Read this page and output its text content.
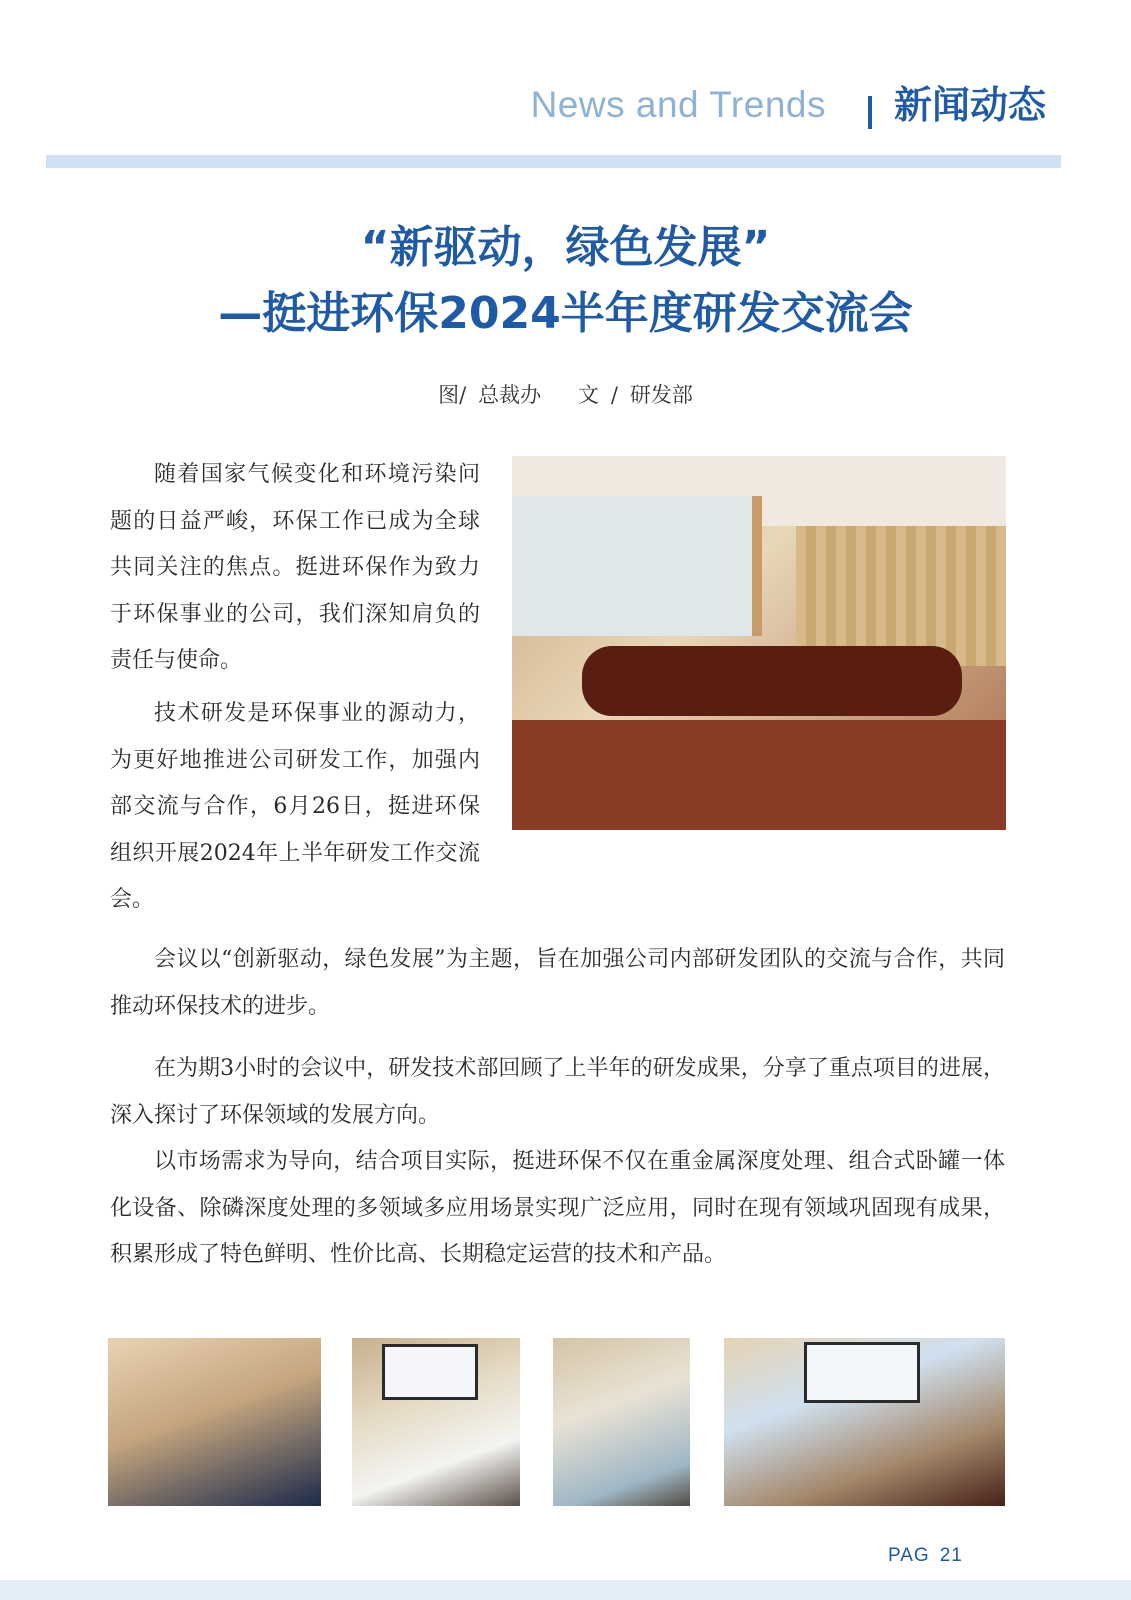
News and Trends 新闻动态
“新驱动，绿色发展”
—挺进环保2024半年度研发交流会
图/ 总裁办 文 / 研发部

随着国家气候变化和环境污染问题的日益严峻，环保工作已成为全球共同关注的焦点。挺进环保作为致力于环保事业的公司，我们深知肩负的责任与使命。

技术研发是环保事业的源动力，为更好地推进公司研发工作，加强内部交流与合作，6月26日，挺进环保组织开展2024年上半年研发工作交流会。

会议以“创新驱动，绿色发展”为主题，旨在加强公司内部研发团队的交流与合作，共同推动环保技术的进步。

在为期3小时的会议中，研发技术部回顾了上半年的研发成果，分享了重点项目的进展，深入探讨了环保领域的发展方向。

以市场需求为导向，结合项目实际，挺进环保不仅在重金属深度处理、组合式卧罐一体化设备、除磷深度处理的多领域多应用场景实现广泛应用，同时在现有领域巩固现有成果，积累形成了特色鲜明、性价比高、长期稳定运营的技术和产品。

PAG 21
